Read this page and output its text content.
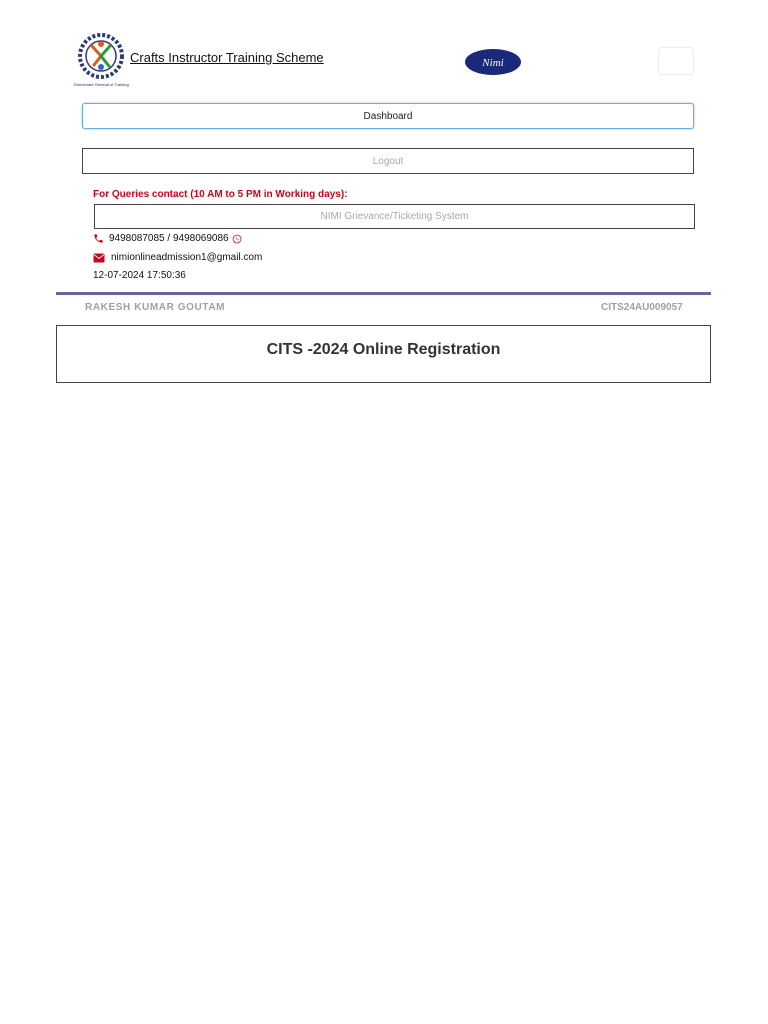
Directorate General of Training
Crafts Instructor Training Scheme	Nimi
Dashboard
Logout
For Queries contact (10 AM to 5 PM in Working days):
NIMI Grievance/Ticketing System
9498087085 / 9498069086
nimionlineadmission1@gmail.com
12-07-2024 17:50:36
RAKESH KUMAR GOUTAM	CITS24AU009057
CITS -2024 Online Registration
